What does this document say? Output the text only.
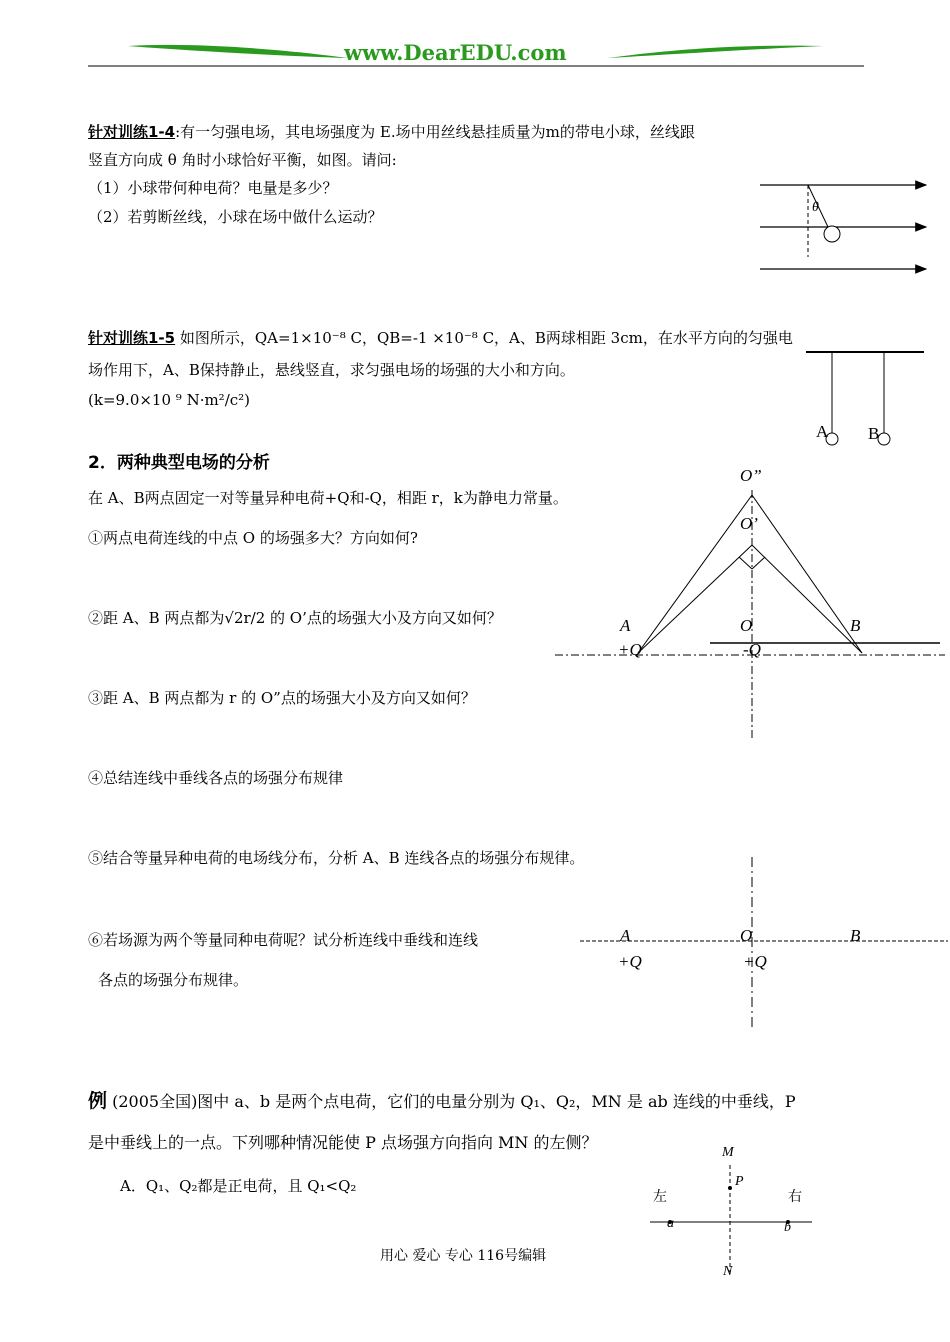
www.DearEDU.com
针对训练1-4:有一匀强电场，其电场强度为 E.场中用丝线悬挂质量为m的带电小球，丝线跟
竖直方向成 θ 角时小球恰好平衡，如图。请问:
（1）小球带何种电荷？电量是多少？
（2）若剪断丝线，小球在场中做什么运动？
θ
针对训练1-5 如图所示，QA=1×10⁻⁸ C，QB=-1 ×10⁻⁸ C，A、B两球相距 3cm，在水平方向的匀强电
场作用下，A、B保持静止，悬线竖直，求匀强电场的场强的大小和方向。
(k=9.0×10 ⁹ N·m²/c²)
A B
2．两种典型电场的分析
在 A、B两点固定一对等量异种电荷+Q和-Q，相距 r，k为静电力常量。
①两点电荷连线的中点 O 的场强多大？方向如何?
②距 A、B 两点都为√2r/2 的 O’点的场强大小及方向又如何？
③距 A、B 两点都为 r 的 O”点的场强大小及方向又如何？
④总结连线中垂线各点的场强分布规律
⑤结合等量异种电荷的电场线分布，分析 A、B 连线各点的场强分布规律。
⑥若场源为两个等量同种电荷呢？试分析连线中垂线和连线
各点的场强分布规律。
O”
O’
A	O	B
+Q	-Q
A	O	B
+Q	+Q
例 (2005全国)图中 a、b 是两个点电荷，它们的电量分别为 Q₁、Q₂，MN 是 ab 连线的中垂线，P
是中垂线上的一点。下列哪种情况能使 P 点场强方向指向 MN 的左侧？
A．Q₁、Q₂都是正电荷，且 Q₁<Q₂
M
P
左	右
a	b
N
用心 爱心 专心 116号编辑
